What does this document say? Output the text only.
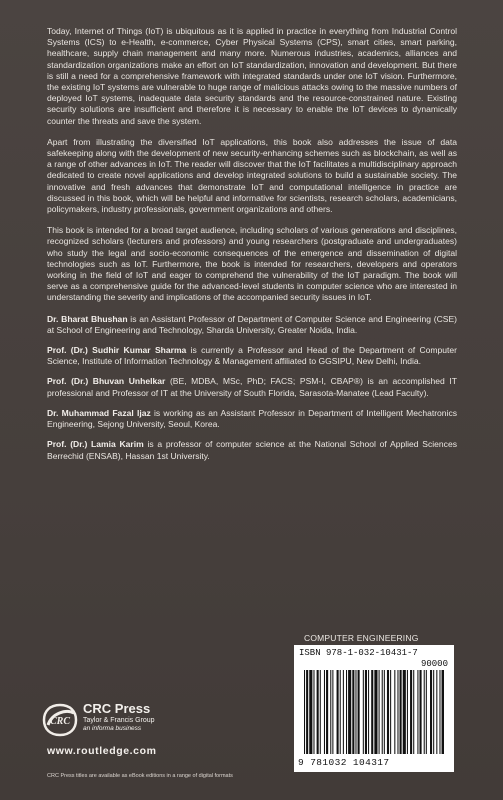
Today, Internet of Things (IoT) is ubiquitous as it is applied in practice in everything from Industrial Control Systems (ICS) to e-Health, e-commerce, Cyber Physical Systems (CPS), smart cities, smart parking, healthcare, supply chain management and many more. Numerous industries, academics, alliances and standardization organizations make an effort on IoT standardization, innovation and development. But there is still a need for a comprehensive framework with integrated standards under one IoT vision. Furthermore, the existing IoT systems are vulnerable to huge range of malicious attacks owing to the massive numbers of deployed IoT systems, inadequate data security standards and the resource-constrained nature. Existing security solutions are insufficient and therefore it is necessary to enable the IoT devices to dynamically counter the threats and save the system.

Apart from illustrating the diversified IoT applications, this book also addresses the issue of data safekeeping along with the development of new security-enhancing schemes such as blockchain, as well as a range of other advances in IoT. The reader will discover that the IoT facilitates a multidisciplinary approach dedicated to create novel applications and develop integrated solutions to build a sustainable society. The innovative and fresh advances that demonstrate IoT and computational intelligence in practice are discussed in this book, which will be helpful and informative for scientists, research scholars, academicians, policymakers, industry professionals, government organizations and others.

This book is intended for a broad target audience, including scholars of various generations and disciplines, recognized scholars (lecturers and professors) and young researchers (postgraduate and undergraduates) who study the legal and socio-economic consequences of the emergence and dissemination of digital technologies such as IoT. Furthermore, the book is intended for researchers, developers and operators working in the field of IoT and eager to comprehend the vulnerability of the IoT paradigm. The book will serve as a comprehensive guide for the advanced-level students in computer science who are interested in understanding the severity and implications of the accompanied security issues in IoT.

Dr. Bharat Bhushan is an Assistant Professor of Department of Computer Science and Engineering (CSE) at School of Engineering and Technology, Sharda University, Greater Noida, India.

Prof. (Dr.) Sudhir Kumar Sharma is currently a Professor and Head of the Department of Computer Science, Institute of Information Technology & Management affiliated to GGSIPU, New Delhi, India.

Prof. (Dr.) Bhuvan Unhelkar (BE, MDBA, MSc, PhD; FACS; PSM-I, CBAP®) is an accomplished IT professional and Professor of IT at the University of South Florida, Sarasota-Manatee (Lead Faculty).

Dr. Muhammad Fazal Ijaz is working as an Assistant Professor in Department of Intelligent Mechatronics Engineering, Sejong University, Seoul, Korea.

Prof. (Dr.) Lamia Karim is a professor of computer science at the National School of Applied Sciences Berrechid (ENSAB), Hassan 1st University.

COMPUTER ENGINEERING
ISBN 978-1-032-10431-7
90000
9 781032 104317
CRC
CRC Press
Taylor & Francis Group
an informa business
www.routledge.com
CRC Press titles are available as eBook editions in a range of digital formats
